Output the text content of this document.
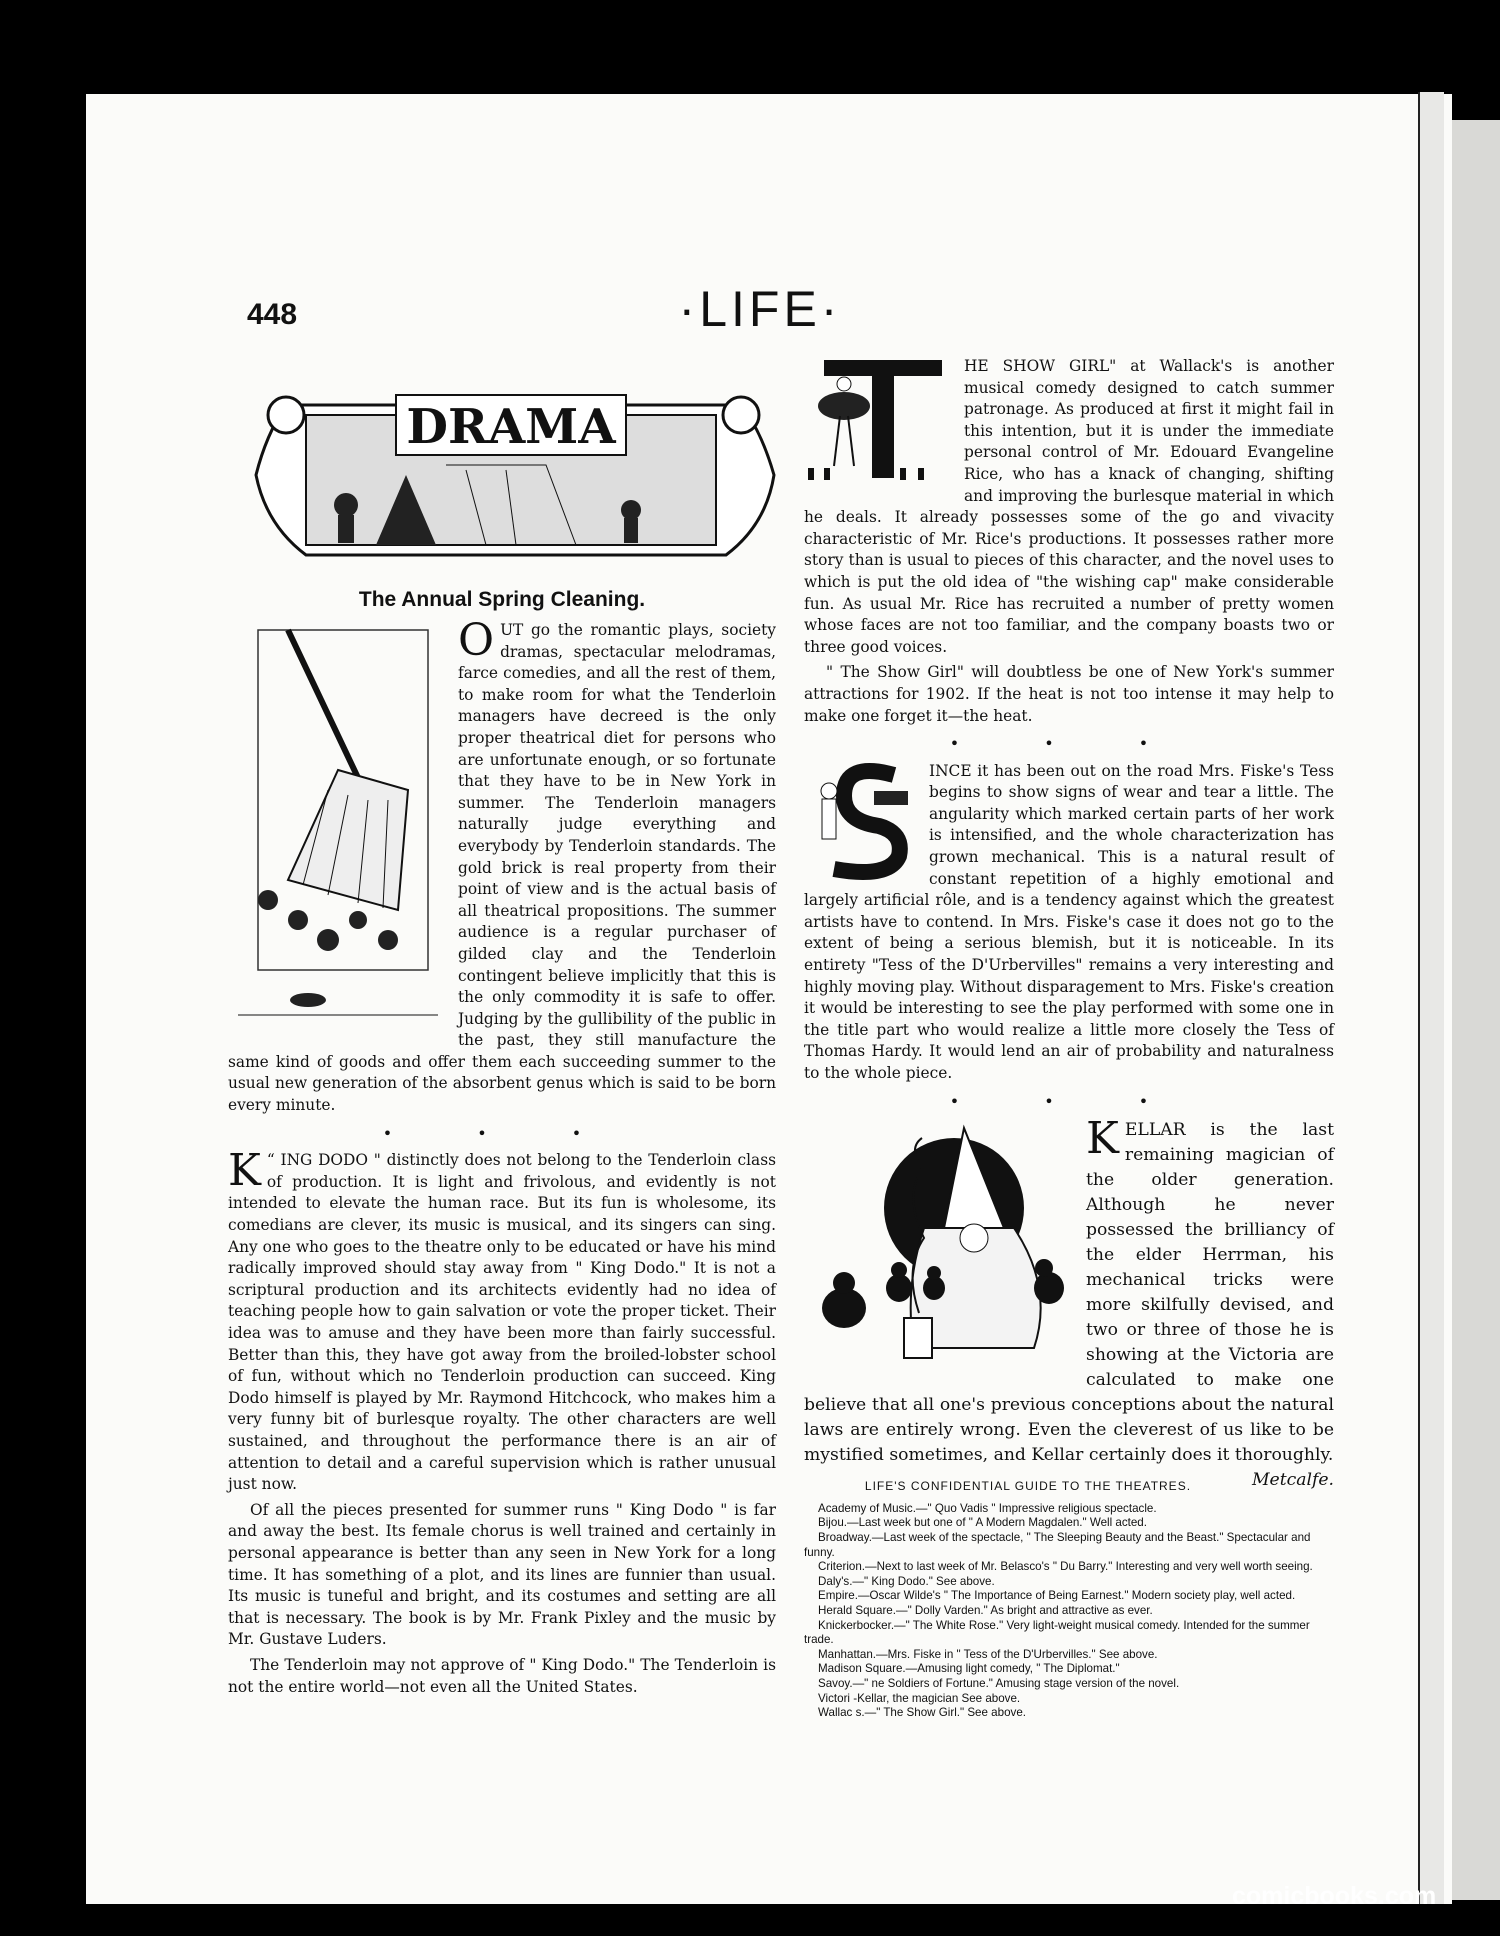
448	·LIFE·
DRAMA
The Annual Spring Cleaning.

OUT go the romantic plays, society dramas, spectacular melodramas, farce comedies, and all the rest of them, to make room for what the Tenderloin managers have decreed is the only proper theatrical diet for persons who are unfortunate enough, or so fortunate that they have to be in New York in summer. The Tenderloin managers naturally judge everything and everybody by Tenderloin standards. The gold brick is real property from their point of view and is the actual basis of all theatrical propositions. The summer audience is a regular purchaser of gilded clay and the Tenderloin contingent believe implicitly that this is the only commodity it is safe to offer. Judging by the gullibility of the public in the past, they still manufacture the same kind of goods and offer them each succeeding summer to the usual new generation of the absorbent genus which is said to be born every minute.

• • •

“
K ING DODO " distinctly does not belong to the Tenderloin class of production. It is light and frivolous, and evidently is not intended to elevate the human race. But its fun is wholesome, its comedians are clever, its music is musical, and its singers can sing. Any one who goes to the theatre only to be educated or have his mind radically improved should stay away from " King Dodo." It is not a scriptural production and its architects evidently had no idea of teaching people how to gain salvation or vote the proper ticket. Their idea was to amuse and they have been more than fairly successful. Better than this, they have got away from the broiled-lobster school of fun, without which no Tenderloin production can succeed. King Dodo himself is played by Mr. Raymond Hitchcock, who makes him a very funny bit of burlesque royalty. The other characters are well sustained, and throughout the performance there is an air of attention to detail and a careful supervision which is rather unusual just now.

Of all the pieces presented for summer runs " King Dodo " is far and away the best. Its female chorus is well trained and certainly in personal appearance is better than any seen in New York for a long time. It has something of a plot, and its lines are funnier than usual. Its music is tuneful and bright, and its costumes and setting are all that is necessary. The book is by Mr. Frank Pixley and the music by Mr. Gustave Luders.

The Tenderloin may not approve of " King Dodo." The Tenderloin is not the entire world—not even all the United States.

HE SHOW GIRL" at Wallack's is another musical comedy designed to catch summer patronage. As produced at first it might fail in this intention, but it is under the immediate personal control of Mr. Edouard Evangeline Rice, who has a knack of changing, shifting and improving the burlesque material in which he deals. It already possesses some of the go and vivacity characteristic of Mr. Rice's productions. It possesses rather more story than is usual to pieces of this character, and the novel uses to which is put the old idea of "the wishing cap" make considerable fun. As usual Mr. Rice has recruited a number of pretty women whose faces are not too familiar, and the company boasts two or three good voices.

" The Show Girl" will doubtless be one of New York's summer attractions for 1902. If the heat is not too intense it may help to make one forget it—the heat.

• • •

INCE it has been out on the road Mrs. Fiske's Tess begins to show signs of wear and tear a little. The angularity which marked certain parts of her work is intensified, and the whole characterization has grown mechanical. This is a natural result of constant repetition of a highly emotional and largely artificial rôle, and is a tendency against which the greatest artists have to contend. In Mrs. Fiske's case it does not go to the extent of being a serious blemish, but it is noticeable. In its entirety "Tess of the D'Urbervilles" remains a very interesting and highly moving play. Without disparagement to Mrs. Fiske's creation it would be interesting to see the play performed with some one in the title part who would realize a little more closely the Tess of Thomas Hardy. It would lend an air of probability and naturalness to the whole piece.

• • •

KELLAR is the last remaining magician of the older generation. Although he never possessed the brilliancy of the elder Herrman, his mechanical tricks were more skilfully devised, and two or three of those he is showing at the Victoria are calculated to make one believe that all one's previous conceptions about the natural laws are entirely wrong. Even the cleverest of us like to be mystified sometimes, and Kellar certainly does it thoroughly.
Metcalfe.

LIFE'S CONFIDENTIAL GUIDE TO THE THEATRES.
Academy of Music.—" Quo Vadis " Impressive religious spectacle.
Bijou.—Last week but one of " A Modern Magdalen." Well acted.
Broadway.—Last week of the spectacle, " The Sleeping Beauty and the Beast." Spectacular and funny.
Criterion.—Next to last week of Mr. Belasco's " Du Barry." Interesting and very well worth seeing.
Daly's.—" King Dodo." See above.
Empire.—Oscar Wilde's " The Importance of Being Earnest." Modern society play, well acted.
Herald Square.—" Dolly Varden." As bright and attractive as ever.
Knickerbocker.—" The White Rose." Very light-weight musical comedy. Intended for the summer trade.
Manhattan.—Mrs. Fiske in " Tess of the D'Urbervilles." See above.
Madison Square.—Amusing light comedy, " The Diplomat."
Savoy.—" ne Soldiers of Fortune." Amusing stage version of the novel.
Victori -Kellar, the magician See above.
Wallac s.—" The Show Girl." See above.
comicbooks.com
